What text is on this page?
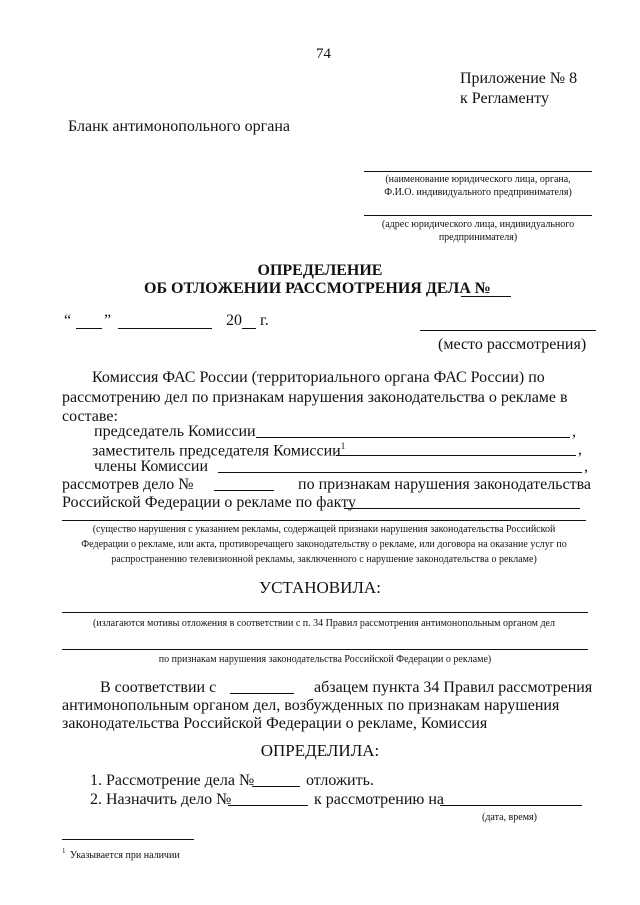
74
Приложение № 8
к Регламенту
Бланк антимонопольного органа
(наименование юридического лица, органа,
Ф.И.О. индивидуального предпринимателя)
(адрес юридического лица, индивидуального
предпринимателя)
ОПРЕДЕЛЕНИЕ
ОБ ОТЛОЖЕНИИ РАССМОТРЕНИЯ ДЕЛА №
“ ”	20 г.
(место рассмотрения)
Комиссия ФАС России (территориального органа ФАС России) по
рассмотрению дел по признакам нарушения законодательства о рекламе в
составе:
председатель Комиссии	,
заместитель председателя Комиссии$^1$	,
члены Комиссии	,
рассмотрев дело №	по признакам нарушения законодательства
Российской Федерации о рекламе по факту
(существо нарушения с указанием рекламы, содержащей признаки нарушения законодательства Российской
Федерации о рекламе, или акта, противоречащего законодательству о рекламе, или договора на оказание услуг по
распространению телевизионной рекламы, заключенного с нарушение законодательства о рекламе)
УСТАНОВИЛА:
(излагаются мотивы отложения в соответствии с п. 34 Правил рассмотрения антимонопольным органом дел
по признакам нарушения законодательства Российской Федерации о рекламе)
В соответствии с	абзацем пункта 34 Правил рассмотрения
антимонопольным органом дел, возбужденных по признакам нарушения
законодательства Российской Федерации о рекламе, Комиссия
ОПРЕДЕЛИЛА:
1. Рассмотрение дела №	отложить.
2. Назначить дело №	к рассмотрению на
(дата, время)
1 Указывается при наличии
